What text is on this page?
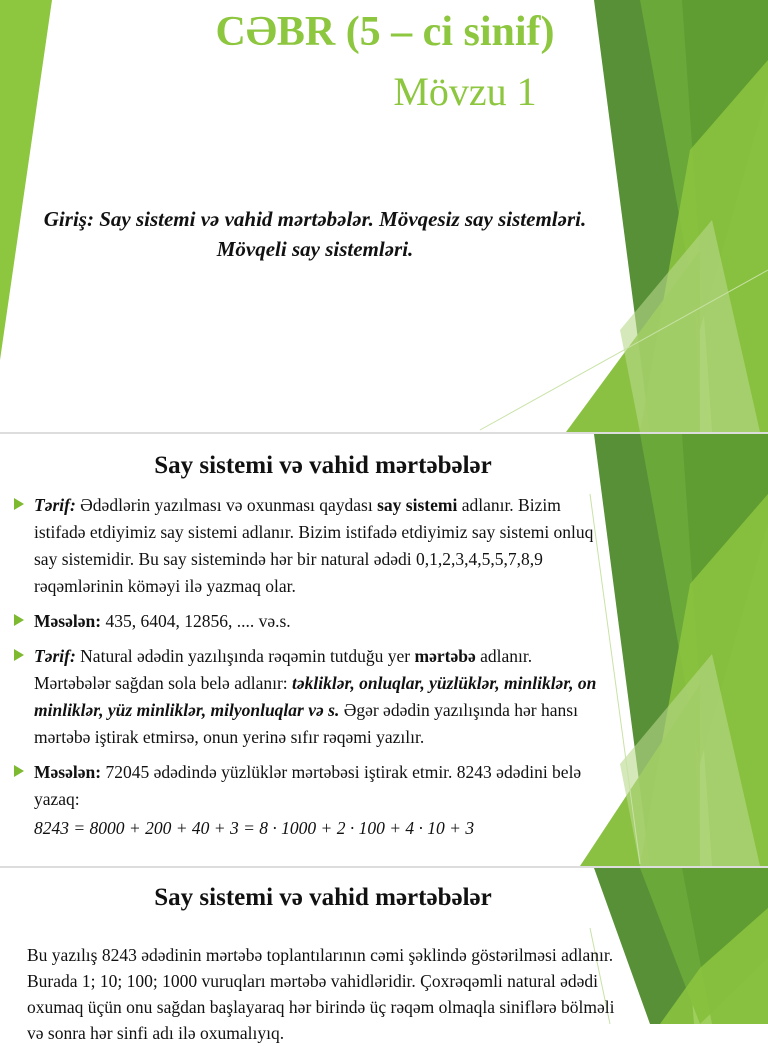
CƏBR (5 – ci sinif)
Mövzu 1
Giriş: Say sistemi və vahid mərtəbələr. Mövqesiz say sistemləri. Mövqeli say sistemləri.
Say sistemi və vahid mərtəbələr
Tərif: Ədədlərin yazılması və oxunması qaydası say sistemi adlanır. Bizim istifadə etdiyimiz say sistemi adlanır. Bizim istifadə etdiyimiz say sistemi onluq say sistemidir. Bu say sistemində hər bir natural ədədi 0,1,2,3,4,5,5,7,8,9 rəqəmlərinin köməyi ilə yazmaq olar.
Məsələn: 435, 6404, 12856, .... və.s.
Tərif: Natural ədədin yazılışında rəqəmin tutduğu yer mərtəbə adlanır. Mərtəbələr sağdan sola belə adlanır: təkliklər, onluqlar, yüzlüklər, minliklər, on minliklər, yüz minliklər, milyonluqlar və s. Əgər ədədin yazılışında hər hansı mərtəbə iştirak etmirsə, onun yerinə sıfır rəqəmi yazılır.
Məsələn: 72045 ədədində yüzlüklər mərtəbəsi iştirak etmir. 8243 ədədini belə yazaq:
8243 = 8000 + 200 + 40 + 3 = 8 · 1000 + 2 · 100 + 4 · 10 + 3
Say sistemi və vahid mərtəbələr
Bu yazılış 8243 ədədinin mərtəbə toplantılarının cəmi şəklində göstərilməsi adlanır. Burada 1; 10; 100; 1000 vuruqları mərtəbə vahidləridir. Çoxrəqəmli natural ədədi oxumaq üçün onu sağdan başlayaraq hər birində üç rəqəm olmaqla siniflərə bölməli və sonra hər sinfi adı ilə oxumalıyıq.
